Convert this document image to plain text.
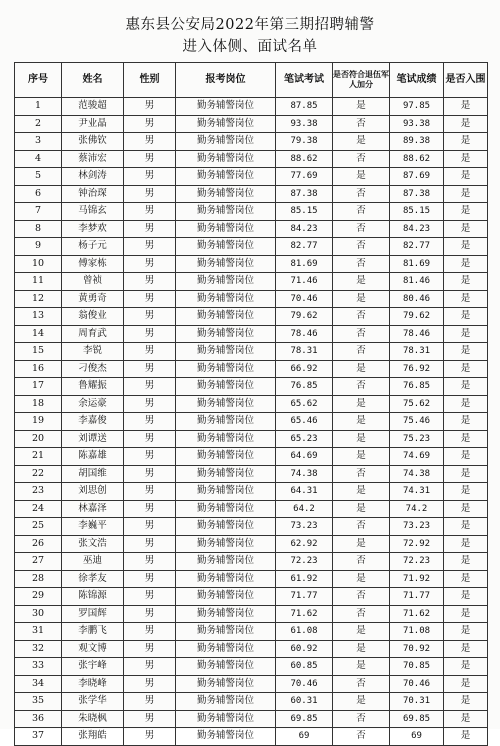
惠东县公安局2022年第三期招聘辅警
进入体侧、面试名单
序号	姓名	性别	报考岗位	笔试考试	是否符合退伍军人加分	笔试成绩	是否入围
1	范骏超	男	勤务辅警岗位	87.85	是	97.85	是
2	尹业晶	男	勤务辅警岗位	93.38	否	93.38	是
3	张佛钦	男	勤务辅警岗位	79.38	是	89.38	是
4	蔡沛宏	男	勤务辅警岗位	88.62	否	88.62	是
5	林剑涛	男	勤务辅警岗位	77.69	是	87.69	是
6	钟治琛	男	勤务辅警岗位	87.38	否	87.38	是
7	马锦玄	男	勤务辅警岗位	85.15	否	85.15	是
8	李梦欢	男	勤务辅警岗位	84.23	否	84.23	是
9	杨子元	男	勤务辅警岗位	82.77	否	82.77	是
10	傅家栋	男	勤务辅警岗位	81.69	否	81.69	是
11	曾祯	男	勤务辅警岗位	71.46	是	81.46	是
12	黄勇奇	男	勤务辅警岗位	70.46	是	80.46	是
13	翁俊业	男	勤务辅警岗位	79.62	否	79.62	是
14	周育武	男	勤务辅警岗位	78.46	否	78.46	是
15	李锐	男	勤务辅警岗位	78.31	否	78.31	是
16	刁俊杰	男	勤务辅警岗位	66.92	是	76.92	是
17	鲁耀振	男	勤务辅警岗位	76.85	否	76.85	是
18	余运豪	男	勤务辅警岗位	65.62	是	75.62	是
19	李嘉俊	男	勤务辅警岗位	65.46	是	75.46	是
20	刘谭送	男	勤务辅警岗位	65.23	是	75.23	是
21	陈嘉雄	男	勤务辅警岗位	64.69	是	74.69	是
22	胡国维	男	勤务辅警岗位	74.38	否	74.38	是
23	刘思创	男	勤务辅警岗位	64.31	是	74.31	是
24	林嘉泽	男	勤务辅警岗位	64.2	是	74.2	是
25	李巍平	男	勤务辅警岗位	73.23	否	73.23	是
26	张文浩	男	勤务辅警岗位	62.92	是	72.92	是
27	巫迪	男	勤务辅警岗位	72.23	否	72.23	是
28	徐孝友	男	勤务辅警岗位	61.92	是	71.92	是
29	陈锦源	男	勤务辅警岗位	71.77	否	71.77	是
30	罗国辉	男	勤务辅警岗位	71.62	否	71.62	是
31	李鹏飞	男	勤务辅警岗位	61.08	是	71.08	是
32	观文博	男	勤务辅警岗位	60.92	是	70.92	是
33	张宇峰	男	勤务辅警岗位	60.85	是	70.85	是
34	李晓峰	男	勤务辅警岗位	70.46	否	70.46	是
35	张学华	男	勤务辅警岗位	60.31	是	70.31	是
36	朱晓枫	男	勤务辅警岗位	69.85	否	69.85	是
37	张翔皓	男	勤务辅警岗位	69	否	69	是
